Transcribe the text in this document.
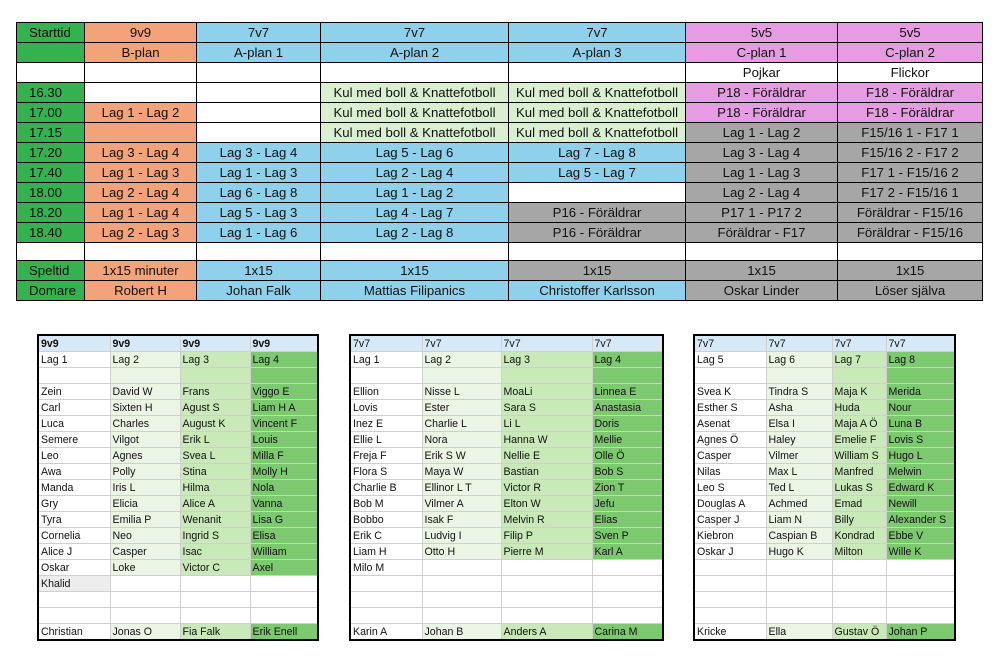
Starttid	9v9	7v7	7v7	7v7	5v5	5v5
	B-plan	A-plan 1	A-plan 2	A-plan 3	C-plan 1	C-plan 2
					Pojkar	Flickor
16.30			Kul med boll & Knattefotboll	Kul med boll & Knattefotboll	P18 - Föräldrar	F18 - Föräldrar
17.00	Lag 1 - Lag 2		Kul med boll & Knattefotboll	Kul med boll & Knattefotboll	P18 - Föräldrar	F18 - Föräldrar
17.15			Kul med boll & Knattefotboll	Kul med boll & Knattefotboll	Lag 1 - Lag 2	F15/16 1 - F17 1
17.20	Lag 3 - Lag 4	Lag 3 - Lag 4	Lag 5 - Lag 6	Lag 7 - Lag 8	Lag 3 - Lag 4	F15/16 2 - F17 2
17.40	Lag 1 - Lag 3	Lag 1 - Lag 3	Lag 2 - Lag 4	Lag 5 - Lag 7	Lag 1 - Lag 3	F17 1 - F15/16 2
18.00	Lag 2 - Lag 4	Lag 6 - Lag 8	Lag 1 - Lag 2		Lag 2 - Lag 4	F17 2 - F15/16 1
18.20	Lag 1 - Lag 4	Lag 5 - Lag 3	Lag 4 - Lag 7	P16 - Föräldrar	P17 1 - P17 2	Föräldrar - F15/16
18.40	Lag 2 - Lag 3	Lag 1 - Lag 6	Lag 2 - Lag 8	P16 - Föräldrar	Föräldrar - F17	Föräldrar - F15/16

Speltid	1x15 minuter	1x15	1x15	1x15	1x15	1x15
Domare	Robert H	Johan Falk	Mattias Filipanics	Christoffer Karlsson	Oskar Linder	Löser själva
9v9	9v9	9v9	9v9
Lag 1	Lag 2	Lag 3	Lag 4

Zein	David W	Frans	Viggo E
Carl	Sixten H	Agust S	Liam H A
Luca	Charles	August K	Vincent F
Semere	Vilgot	Erik L	Louis
Leo	Agnes	Svea L	Milla F
Awa	Polly	Stina	Molly H
Manda	Iris L	Hilma	Nola
Gry	Elicia	Alice A	Vanna
Tyra	Emilia P	Wenanit	Lisa G
Cornelia	Neo	Ingrid S	Elisa
Alice J	Casper	Isac	William
Oskar	Loke	Victor C	Axel
Khalid			

Christian	Jonas O	Fia Falk	Erik Enell
7v7	7v7	7v7	7v7
Lag 1	Lag 2	Lag 3	Lag 4

Ellion	Nisse L	MoaLi	Linnea E
Lovis	Ester	Sara S	Anastasia
Inez E	Charlie L	Li L	Doris
Ellie L	Nora	Hanna W	Mellie
Freja F	Erik S W	Nellie E	Olle Ö
Flora S	Maya W	Bastian	Bob S
Charlie B	Ellinor L T	Victor R	Zion T
Bob M	Vilmer A	Elton W	Jefu
Bobbo	Isak F	Melvin R	Elias
Erik C	Ludvig I	Filip P	Sven P
Liam H	Otto H	Pierre M	Karl A
Milo M			

Karin A	Johan B	Anders A	Carina M
7v7	7v7	7v7	7v7
Lag 5	Lag 6	Lag 7	Lag 8

Svea K	Tindra S	Maja K	Merida
Esther S	Asha	Huda	Nour
Asenat	Elsa I	Maja A Ö	Luna B
Agnes Ö	Haley	Emelie F	Lovis S
Casper	Vilmer	William S	Hugo L
Nilas	Max L	Manfred	Melwin
Leo S	Ted L	Lukas S	Edward K
Douglas A	Achmed	Emad	Newill
Casper J	Liam N	Billy	Alexander S
Kiebron	Caspian B	Kondrad	Ebbe V
Oskar J	Hugo K	Milton	Wille K

Kricke	Ella	Gustav Ö	Johan P
